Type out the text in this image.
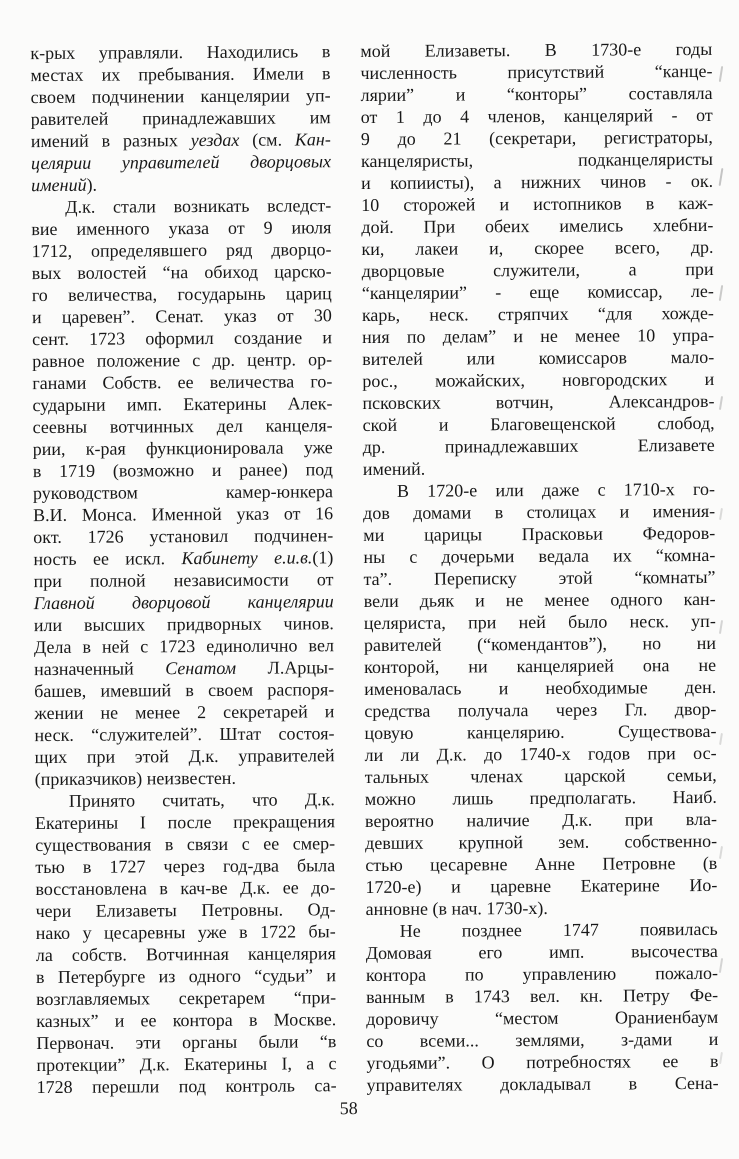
к-рых управляли. Находились в
местах их пребывания. Имели в
своем подчинении канцелярии уп-
равителей принадлежавших им
имений в разных уездах (см. Кан-
целярии управителей дворцовых
имений).
Д.к. стали возникать вследст-
вие именного указа от 9 июля
1712, определявшего ряд дворцо-
вых волостей “на обиход царско-
го величества, государынь цариц
и царевен”. Сенат. указ от 30
сент. 1723 оформил создание и
равное положение с др. центр. ор-
ганами Собств. ее величества го-
сударыни имп. Екатерины Алек-
сеевны вотчинных дел канцеля-
рии, к-рая функционировала уже
в 1719 (возможно и ранее) под
руководством	камер-юнкера
В.И. Монса. Именной указ от 16
окт. 1726 установил подчинен-
ность ее искл. Кабинету е.и.в.(1)
при полной независимости от
Главной дворцовой канцелярии
или высших придворных чинов.
Дела в ней с 1723 единолично вел
назначенный Сенатом Л.Арцы-
башев, имевший в своем распоря-
жении не менее 2 секретарей и
неск. “служителей”. Штат состоя-
щих при этой Д.к. управителей
(приказчиков) неизвестен.
Принято считать, что Д.к.
Екатерины I после прекращения
существования в связи с ее смер-
тью в 1727 через год-два была
восстановлена в кач-ве Д.к. ее до-
чери Елизаветы Петровны. Од-
нако у цесаревны уже в 1722 бы-
ла собств. Вотчинная канцелярия
в Петербурге из одного “судьи” и
возглавляемых секретарем “при-
казных” и ее контора в Москве.
Первонач. эти органы были “в
протекции” Д.к. Екатерины I, а с
1728 перешли под контроль са-
мой Елизаветы. В 1730-е годы
численность	присутствий	“канце-
лярии” и “конторы” составляла
от 1 до 4 членов, канцелярий - от
9 до 21 (секретари, регистраторы,
канцеляристы,	подканцеляристы
и копиисты), а нижних чинов - ок.
10 сторожей и истопников в каж-
дой. При обеих имелись хлебни-
ки, лакеи и, скорее всего, др.
дворцовые	служители,	а	при
“канцелярии” - еще комиссар, ле-
карь, неск. стряпчих “для хожде-
ния по делам” и не менее 10 упра-
вителей или комиссаров мало-
рос., можайских, новгородских и
псковских	вотчин,	Александров-
ской и Благовещенской слобод,
др.	принадлежавших	Елизавете
имений.
В 1720-е или даже с 1710-х го-
дов домами в столицах и имения-
ми царицы Прасковьи Федоров-
ны с дочерьми ведала их “комна-
та”. Переписку этой “комнаты”
вели дьяк и не менее одного кан-
целяриста, при ней было неск. уп-
равителей (“комендантов”), но ни
конторой, ни канцелярией она не
именовалась и необходимые ден.
средства получала через Гл. двор-
цовую	канцелярию.	Существова-
ли ли Д.к. до 1740-х годов при ос-
тальных членах царской семьи,
можно лишь предполагать. Наиб.
вероятно наличие Д.к. при вла-
девших крупной зем. собственно-
стью цесаревне Анне Петровне (в
1720-е) и царевне Екатерине Ио-
анновне (в нач. 1730-х).
Не позднее 1747 появилась
Домовая	его	имп.	высочества
контора по управлению пожало-
ванным в 1743 вел. кн. Петру Фе-
доровичу	“местом	Ораниенбаум
со всеми... землями, з-дами и
угодьями”. О потребностях ее в
управителях докладывал в Сена-
58
